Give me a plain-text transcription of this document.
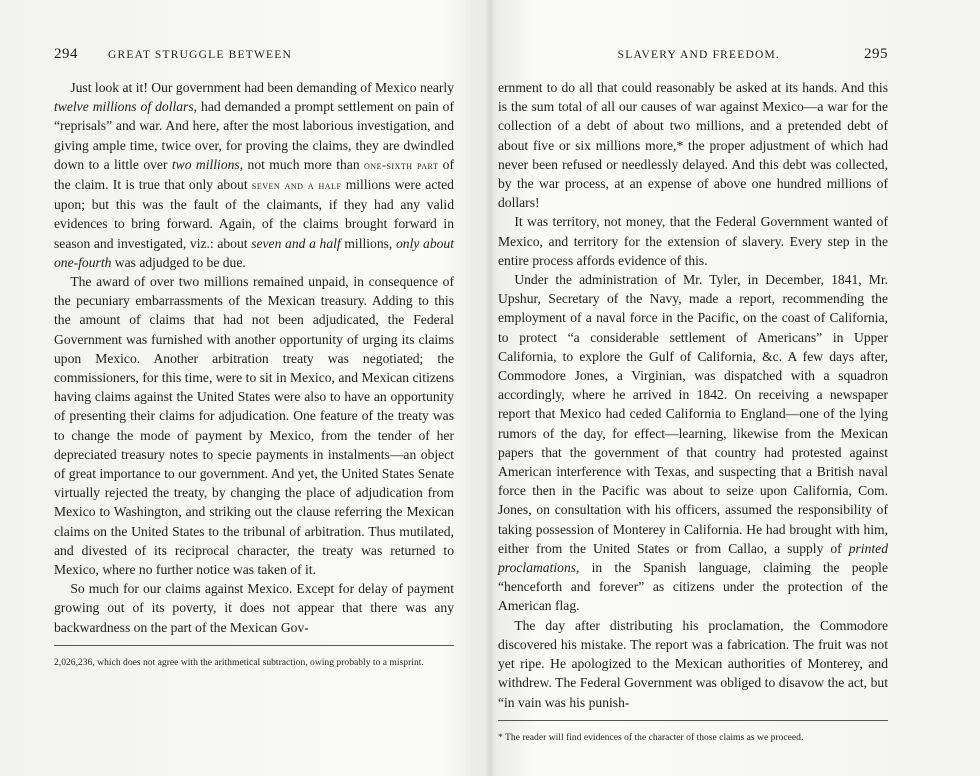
294	GREAT STRUGGLE BETWEEN

Just look at it! Our government had been demanding of Mexico nearly twelve millions of dollars, had demanded a prompt settlement on pain of “reprisals” and war. And here, after the most laborious investigation, and giving ample time, twice over, for proving the claims, they are dwindled down to a little over two millions, not much more than one-sixth part of the claim. It is true that only about seven and a half millions were acted upon; but this was the fault of the claimants, if they had any valid evidences to bring forward. Again, of the claims brought forward in season and investigated, viz.: about seven and a half millions, only about one-fourth was adjudged to be due.

The award of over two millions remained unpaid, in consequence of the pecuniary embarrassments of the Mexican treasury. Adding to this the amount of claims that had not been adjudicated, the Federal Government was furnished with another opportunity of urging its claims upon Mexico. Another arbitration treaty was negotiated; the commissioners, for this time, were to sit in Mexico, and Mexican citizens having claims against the United States were also to have an opportunity of presenting their claims for adjudication. One feature of the treaty was to change the mode of payment by Mexico, from the tender of her depreciated treasury notes to specie payments in instalments—an object of great importance to our government. And yet, the United States Senate virtually rejected the treaty, by changing the place of adjudication from Mexico to Washington, and striking out the clause referring the Mexican claims on the United States to the tribunal of arbitration. Thus mutilated, and divested of its reciprocal character, the treaty was returned to Mexico, where no further notice was taken of it.

So much for our claims against Mexico. Except for delay of payment growing out of its poverty, it does not appear that there was any backwardness on the part of the Mexican Gov-

2,026,236, which does not agree with the arithmetical subtraction, owing probably to a misprint.
SLAVERY AND FREEDOM.	295

ernment to do all that could reasonably be asked at its hands. And this is the sum total of all our causes of war against Mexico—a war for the collection of a debt of about two millions, and a pretended debt of about five or six millions more,* the proper adjustment of which had never been refused or needlessly delayed. And this debt was collected, by the war process, at an expense of above one hundred millions of dollars!

It was territory, not money, that the Federal Government wanted of Mexico, and territory for the extension of slavery. Every step in the entire process affords evidence of this.

Under the administration of Mr. Tyler, in December, 1841, Mr. Upshur, Secretary of the Navy, made a report, recommending the employment of a naval force in the Pacific, on the coast of California, to protect “a considerable settlement of Americans” in Upper California, to explore the Gulf of California, &c. A few days after, Commodore Jones, a Virginian, was dispatched with a squadron accordingly, where he arrived in 1842. On receiving a newspaper report that Mexico had ceded California to England—one of the lying rumors of the day, for effect—learning, likewise from the Mexican papers that the government of that country had protested against American interference with Texas, and suspecting that a British naval force then in the Pacific was about to seize upon California, Com. Jones, on consultation with his officers, assumed the responsibility of taking possession of Monterey in California. He had brought with him, either from the United States or from Callao, a supply of printed proclamations, in the Spanish language, claiming the people “henceforth and forever” as citizens under the protection of the American flag.

The day after distributing his proclamation, the Commodore discovered his mistake. The report was a fabrication. The fruit was not yet ripe. He apologized to the Mexican authorities of Monterey, and withdrew. The Federal Government was obliged to disavow the act, but “in vain was his punish-

* The reader will find evidences of the character of those claims as we proceed.
